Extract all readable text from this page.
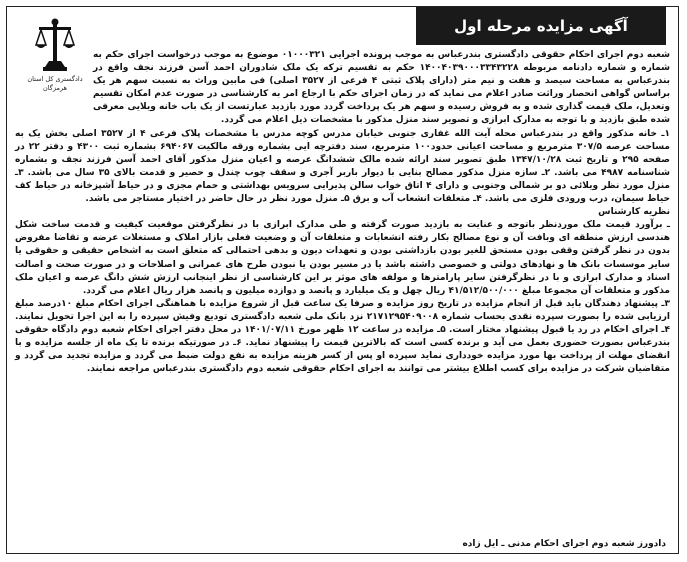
آگهی مزایده مرحله اول
دادگستری کل استان هرمزگان

شعبه دوم اجرای احکام حقوقی دادگستری بندرعباس به موجب پرونده اجرایی ۰۱۰۰۰۳۲۱ موضوع به موجب درخواست اجرای حکم به شماره و شماره دادنامه مربوطه ۱۴۰۰۴۰۳۹۰۰۰۳۳۴۳۲۲۸ حکم به تقسیم ترکه یک ملک شادوران احمد آسن فرزند نجف واقع در بندرعباس به مساحت سیصد و هفت و نیم متر (دارای پلاک ثبتی ۴ فرعی از ۳۵۲۷ اصلی) فی مابین وراث به نسبت سهم هر یک براساس گواهی انحصار وراثت صادر اعلام می نماید که در زمان اجرای حکم با ارجاع امر به کارشناسی در صورت عدم امکان تقسیم وتعدیل، ملک قیمت گذاری شده و به فروش رسیده و سهم هر یک پرداخت گردد مورد بازدید عبارتست از یک باب خانه ویلایی معرفی شده طبق بازدید و با توجه به مدارک ابرازی و تصویر سند منزل مذکور با مشخصات ذیل اعلام می گردد.

۱ـ خانه مذکور واقع در بندرعباس محله آیت الله غفاری جنوبی خیابان مدرس کوچه مدرس با مشخصات پلاک فرعی ۴ از ۳۵۲۷ اصلی بخش یک به مساحت عرصه ۳۰۷/۵ مترمربع و مساحت اعیانی حدود۱۰۰ مترمربع، سند دفترچه ایی بشماره ورقه مالکیت ۶۹۴۰۶۷ بشماره ثبت ۴۳۰۰ و دفتر ۲۲ در صفحه ۲۹۵ و تاریخ ثبت ۱۳۴۷/۱۰/۲۸ طبق تصویر سند ارائه شده مالک ششدانگ عرصه و اعیان منزل مذکور آقای احمد آسن فرزند نجف و بشماره شناسنامه ۴۹۸۷ می باشد. ۲ـ سازه منزل مذکور مصالح بنایی با دیوار باربر آجری و سقف چوب چندل و حصیر و قدمت بالای ۳۵ سال می باشد. ۳ـ منزل مورد نظر ویلائی دو بر شمالی وجنوبی و دارای ۴ اتاق خواب سالن پذیرایی سرویس بهداشتی و حمام مجزی و در حیاط آشپزخانه در حیاط کف حیاط سیمان، درب ورودی فلزی می باشد. ۴ـ متعلقات انشعاب آب و برق ۵ـ منزل مورد نظر در حال حاضر در اختیار مستاجر می باشد.

نظریه کارشناس

ـ برآورد قیمت ملک موردنظر باتوجه و عنایت به بازدید صورت گرفته و طی مدارک ابرازی با در نظرگرفتن موقعیت کیفیت و قدمت ساخت شکل هندسی ارزش منطقه ای وبافت آن و نوع مصالح بکار رفته انشعابات و متعلقات آن و وضعیت فعلی بازار املاک و مستغلات عرضه و تقاضا مفروض بدون در نظر گرفتن وقفی بودن مستحق للغیر بودن بازداشتی بودن و تعهدات دیون و بدهی احتمالی که متعلق است به اشخاص حقیقی و حقوقی یا سایر موسسات بانک ها و نهادهای دولتی و خصوصی داشته باشد یا در مسیر بودن یا نبودن طرح های عمرانی و اصلاحات و در صورت صحت و اصالت اسناد و مدارک ابرازی و با در نظرگرفتن سایر پارامترها و مولفه های موثر بر این کارشناسی از نظر اینجانب ارزش شش دانگ عرصه و اعیان ملک مذکور و متعلقات آن مجموعا مبلغ ۴۱/۵۱۲/۵۰۰/۰۰۰ ریال چهل و یک میلیارد و پانصد و دوازده میلیون و پانصد هزار ریال اعلام می گردد.

۳ـ پیشنهاد دهندگان باید قبل از انجام مزایده در تاریخ روز مزایده و صرفا یک ساعت قبل از شروع مزایده با هماهنگی اجرای احکام مبلغ ۱۰درصد مبلغ ارزیابی شده را بصورت سپرده نقدی بحساب شماره ۲۱۷۱۲۹۵۴۰۹۰۰۸ نزد بانک ملی شعبه دادگستری تودیع وفیش سپرده را به این اجرا تحویل نمایند. ۴ـ اجرای احکام در رد یا قبول پیشنهاد مختار است. ۵ـ مزایده در ساعت ۱۲ ظهر مورخ ۱۴۰۱/۰۷/۱۱ در محل دفتر اجرای احکام شعبه دوم دادگاه حقوقی بندرعباس بصورت حضوری بعمل می آید و برنده کسی است که بالاترین قیمت را پیشنهاد نماید. ۶ـ در صورتیکه برنده تا یک ماه از جلسه مزایده و با انقضای مهلت از پرداخت بها مورد مزایده خودداری نماید سپرده او پس از کسر هزینه مزایده به نفع دولت ضبط می گردد و مزایده تجدید می گردد و متقاضیان شرکت در مزایده برای کسب اطلاع بیشتر می توانند به اجرای احکام حقوقی شعبه دوم دادگستری بندرعباس مراجعه نمایند.

دادورز شعبه دوم اجرای احکام مدنی ـ ایل زاده
